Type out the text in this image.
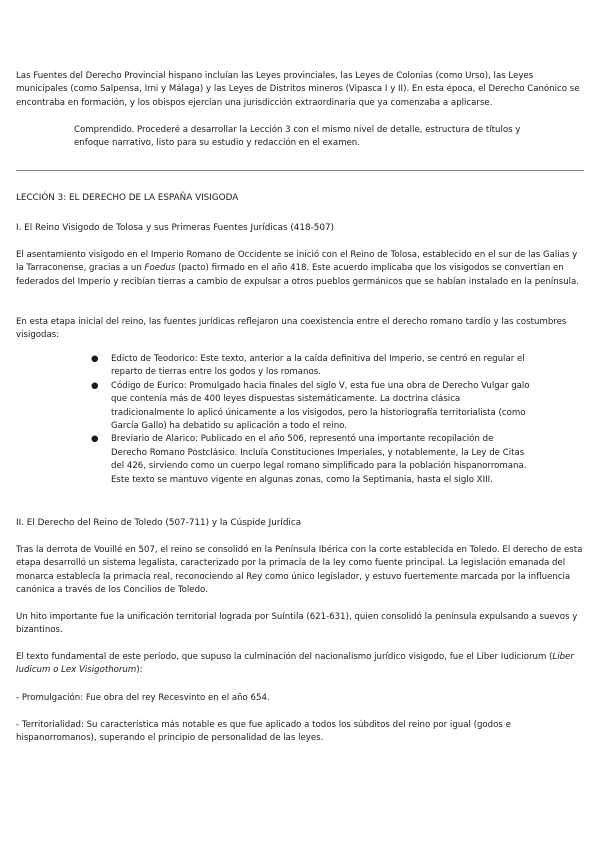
Las Fuentes del Derecho Provincial hispano incluían las Leyes provinciales, las Leyes de Colonias (como Urso), las Leyes municipales (como Salpensa, Irni y Málaga) y las Leyes de Distritos mineros (Vipasca I y II). En esta época, el Derecho Canónico se encontraba en formación, y los obispos ejercían una jurisdicción extraordinaria que ya comenzaba a aplicarse.

Comprendido. Procederé a desarrollar la Lección 3 con el mismo nivel de detalle, estructura de títulos y enfoque narrativo, listo para su estudio y redacción en el examen.

LECCIÓN 3: EL DERECHO DE LA ESPAÑA VISIGODA

I. El Reino Visigodo de Tolosa y sus Primeras Fuentes Jurídicas (418-507)

El asentamiento visigodo en el Imperio Romano de Occidente se inició con el Reino de Tolosa, establecido en el sur de las Galias y la Tarraconense, gracias a un Foedus (pacto) firmado en el año 418. Este acuerdo implicaba que los visigodos se convertían en federados del Imperio y recibían tierras a cambio de expulsar a otros pueblos germánicos que se habían instalado en la península.

En esta etapa inicial del reino, las fuentes jurídicas reflejaron una coexistencia entre el derecho romano tardío y las costumbres visigodas:

● Edicto de Teodorico: Este texto, anterior a la caída definitiva del Imperio, se centró en regular el reparto de tierras entre los godos y los romanos.
● Código de Eurico: Promulgado hacia finales del siglo V, esta fue una obra de Derecho Vulgar galo que contenía más de 400 leyes dispuestas sistemáticamente. La doctrina clásica tradicionalmente lo aplicó únicamente a los visigodos, pero la historiografía territorialista (como García Gallo) ha debatido su aplicación a todo el reino.
● Breviario de Alarico: Publicado en el año 506, representó una importante recopilación de Derecho Romano Postclásico. Incluía Constituciones Imperiales, y notablemente, la Ley de Citas del 426, sirviendo como un cuerpo legal romano simplificado para la población hispanorromana. Este texto se mantuvo vigente en algunas zonas, como la Septimania, hasta el siglo XIII.

II. El Derecho del Reino de Toledo (507-711) y la Cúspide Jurídica

Tras la derrota de Vouillé en 507, el reino se consolidó en la Península Ibérica con la corte establecida en Toledo. El derecho de esta etapa desarrolló un sistema legalista, caracterizado por la primacía de la ley como fuente principal. La legislación emanada del monarca establecía la primacía real, reconociendo al Rey como único legislador, y estuvo fuertemente marcada por la influencia canónica a través de los Concilios de Toledo.

Un hito importante fue la unificación territorial lograda por Suíntila (621-631), quien consolidó la península expulsando a suevos y bizantinos.

El texto fundamental de este período, que supuso la culminación del nacionalismo jurídico visigodo, fue el Liber Iudiciorum (Liber Iudicum o Lex Visigothorum):

- Promulgación: Fue obra del rey Recesvinto en el año 654.

- Territorialidad: Su característica más notable es que fue aplicado a todos los súbditos del reino por igual (godos e hispanorromanos), superando el principio de personalidad de las leyes.
